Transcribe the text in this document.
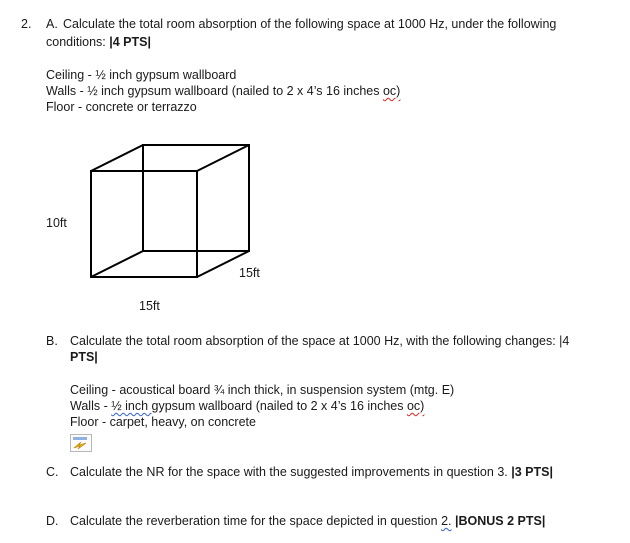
2. A. Calculate the total room absorption of the following space at 1000 Hz, under the following
conditions: |4 PTS|
Ceiling - ½ inch gypsum wallboard
Walls - ½ inch gypsum wallboard (nailed to 2 x 4’s 16 inches oc)
Floor - concrete or terrazzo
10ft
15ft
15ft
B. Calculate the total room absorption of the space at 1000 Hz, with the following changes: |4
PTS|
Ceiling - acoustical board ¾ inch thick, in suspension system (mtg. E)
Walls - ½ inch gypsum wallboard (nailed to 2 x 4’s 16 inches oc)
Floor - carpet, heavy, on concrete
C. Calculate the NR for the space with the suggested improvements in question 3. |3 PTS|
D. Calculate the reverberation time for the space depicted in question 2. |BONUS 2 PTS|
